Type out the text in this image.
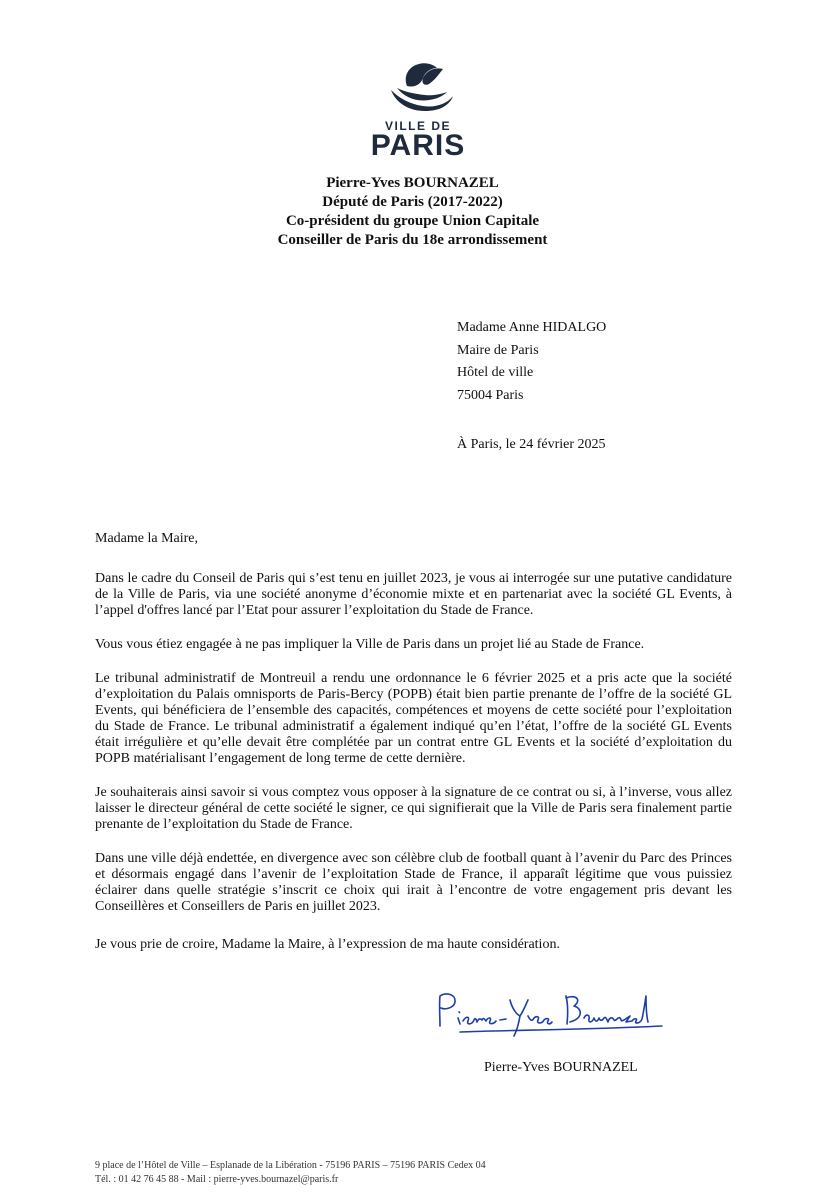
VILLE DE
PARIS
Pierre-Yves BOURNAZEL
Député de Paris (2017-2022)
Co-président du groupe Union Capitale
Conseiller de Paris du 18e arrondissement
Madame Anne HIDALGO
Maire de Paris
Hôtel de ville
75004 Paris
À Paris, le 24 février 2025
Madame la Maire,

Dans le cadre du Conseil de Paris qui s’est tenu en juillet 2023, je vous ai interrogée sur une putative candidature de la Ville de Paris, via une société anonyme d’économie mixte et en partenariat avec la société GL Events, à l’appel d'offres lancé par l’Etat pour assurer l’exploitation du Stade de France.

Vous vous étiez engagée à ne pas impliquer la Ville de Paris dans un projet lié au Stade de France.

Le tribunal administratif de Montreuil a rendu une ordonnance le 6 février 2025 et a pris acte que la société d’exploitation du Palais omnisports de Paris-Bercy (POPB) était bien partie prenante de l’offre de la société GL Events, qui bénéficiera de l’ensemble des capacités, compétences et moyens de cette société pour l’exploitation du Stade de France. Le tribunal administratif a également indiqué qu’en l’état, l’offre de la société GL Events était irrégulière et qu’elle devait être complétée par un contrat entre GL Events et la société d’exploitation du POPB matérialisant l’engagement de long terme de cette dernière.

Je souhaiterais ainsi savoir si vous comptez vous opposer à la signature de ce contrat ou si, à l’inverse, vous allez laisser le directeur général de cette société le signer, ce qui signifierait que la Ville de Paris sera finalement partie prenante de l’exploitation du Stade de France.

Dans une ville déjà endettée, en divergence avec son célèbre club de football quant à l’avenir du Parc des Princes et désormais engagé dans l’avenir de l’exploitation Stade de France, il apparaît légitime que vous puissiez éclairer dans quelle stratégie s’inscrit ce choix qui irait à l’encontre de votre engagement pris devant les Conseillères et Conseillers de Paris en juillet 2023.

Je vous prie de croire, Madame la Maire, à l’expression de ma haute considération.
Pierre-Yves BOURNAZEL
9 place de l’Hôtel de Ville – Esplanade de la Libération - 75196 PARIS – 75196 PARIS Cedex 04
Tél. : 01 42 76 45 88 - Mail : pierre-yves.bournazel@paris.fr
